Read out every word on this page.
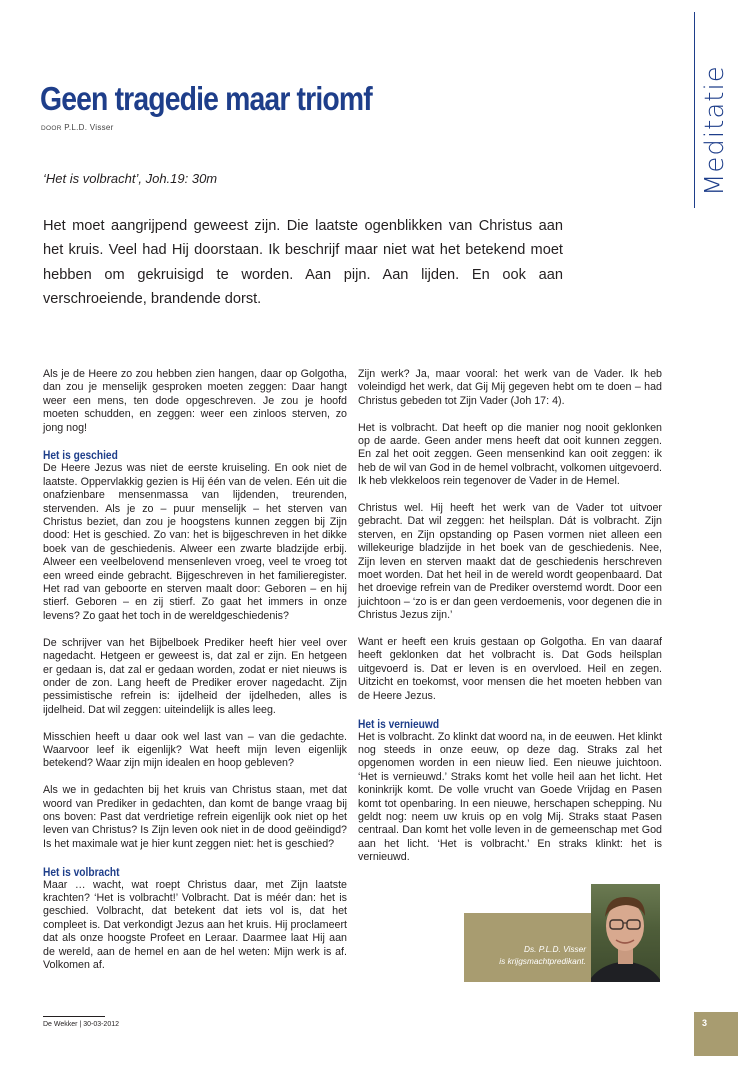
Meditatie
Geen tragedie maar triomf
DOOR P.L.D. Visser
‘Het is volbracht’, Joh.19: 30m
Het moet aangrijpend geweest zijn. Die laatste ogenblikken van Christus aan het kruis. Veel had Hij doorstaan. Ik beschrijf maar niet wat het betekend moet hebben om gekruisigd te worden. Aan pijn. Aan lijden. En ook aan verschroeiende, brandende dorst.

Als je de Heere zo zou hebben zien hangen, daar op Golgotha, dan zou je menselijk gesproken moeten zeggen: Daar hangt weer een mens, ten dode opgeschreven. Je zou je hoofd moeten schudden, en zeggen: weer een zinloos sterven, zo jong nog!

Het is geschied

De Heere Jezus was niet de eerste kruiseling. En ook niet de laatste. Oppervlakkig gezien is Hij één van de velen. Eén uit die onafzienbare mensenmassa van lijdenden, treurenden, stervenden. Als je zo – puur menselijk – het sterven van Christus beziet, dan zou je hoogstens kunnen zeggen bij Zijn dood: Het is geschied. Zo van: het is bijgeschreven in het dikke boek van de geschiedenis. Alweer een zwarte bladzijde erbij. Alweer een veelbelovend mensenleven vroeg, veel te vroeg tot een wreed einde gebracht. Bijgeschreven in het familieregister. Het rad van geboorte en sterven maalt door: Geboren – en hij stierf. Geboren – en zij stierf. Zo gaat het immers in onze levens? Zo gaat het toch in de wereldgeschiedenis?

De schrijver van het Bijbelboek Prediker heeft hier veel over nagedacht. Hetgeen er geweest is, dat zal er zijn. En hetgeen er gedaan is, dat zal er gedaan worden, zodat er niet nieuws is onder de zon. Lang heeft de Prediker erover nagedacht. Zijn pessimistische refrein is: ijdelheid der ijdelheden, alles is ijdelheid. Dat wil zeggen: uiteindelijk is alles leeg.

Misschien heeft u daar ook wel last van – van die gedachte. Waarvoor leef ik eigenlijk? Wat heeft mijn leven eigenlijk betekend? Waar zijn mijn idealen en hoop gebleven?

Als we in gedachten bij het kruis van Christus staan, met dat woord van Prediker in gedachten, dan komt de bange vraag bij ons boven: Past dat verdrietige refrein eigenlijk ook niet op het leven van Christus? Is Zijn leven ook niet in de dood geëindigd? Is het maximale wat je hier kunt zeggen niet: het is geschied?

Het is volbracht

Maar … wacht, wat roept Christus daar, met Zijn laatste krachten? ‘Het is volbracht!’ Volbracht. Dat is méér dan: het is geschied. Volbracht, dat betekent dat iets vol is, dat het compleet is. Dat verkondigt Jezus aan het kruis. Hij proclameert dat als onze hoogste Profeet en Leraar. Daarmee laat Hij aan de wereld, aan de hemel en aan de hel weten: Mijn werk is af. Volkomen af.

Zijn werk? Ja, maar vooral: het werk van de Vader. Ik heb voleindigd het werk, dat Gij Mij gegeven hebt om te doen – had Christus gebeden tot Zijn Vader (Joh 17: 4).

Het is volbracht. Dat heeft op die manier nog nooit geklonken op de aarde. Geen ander mens heeft dat ooit kunnen zeggen. En zal het ooit zeggen. Geen mensenkind kan ooit zeggen: ik heb de wil van God in de hemel volbracht, volkomen uitgevoerd. Ik heb vlekkeloos rein tegenover de Vader in de Hemel.

Christus wel. Hij heeft het werk van de Vader tot uitvoer gebracht. Dat wil zeggen: het heilsplan. Dát is volbracht. Zijn sterven, en Zijn opstanding op Pasen vormen niet alleen een willekeurige bladzijde in het boek van de geschiedenis. Nee, Zijn leven en sterven maakt dat de geschiedenis herschreven moet worden. Dat het heil in de wereld wordt geopenbaard. Dat het droevige refrein van de Prediker overstemd wordt. Door een juichtoon – ‘zo is er dan geen verdoemenis, voor degenen die in Christus Jezus zijn.’

Want er heeft een kruis gestaan op Golgotha. En van daaraf heeft geklonken dat het volbracht is. Dat Gods heilsplan uitgevoerd is. Dat er leven is en overvloed. Heil en zegen. Uitzicht en toekomst, voor mensen die het moeten hebben van de Heere Jezus.

Het is vernieuwd

Het is volbracht. Zo klinkt dat woord na, in de eeuwen. Het klinkt nog steeds in onze eeuw, op deze dag. Straks zal het opgenomen worden in een nieuw lied. Een nieuwe juichtoon. ‘Het is vernieuwd.’ Straks komt het volle heil aan het licht. Het koninkrijk komt. De volle vrucht van Goede Vrijdag en Pasen komt tot openbaring. In een nieuwe, herschapen schepping. Nu geldt nog: neem uw kruis op en volg Mij. Straks staat Pasen centraal. Dan komt het volle leven in de gemeenschap met God aan het licht. ‘Het is volbracht.’ En straks klinkt: het is vernieuwd.

Ds. P.L.D. Visser
is krijgsmachtpredikant.
De Wekker | 30-03-2012	3
